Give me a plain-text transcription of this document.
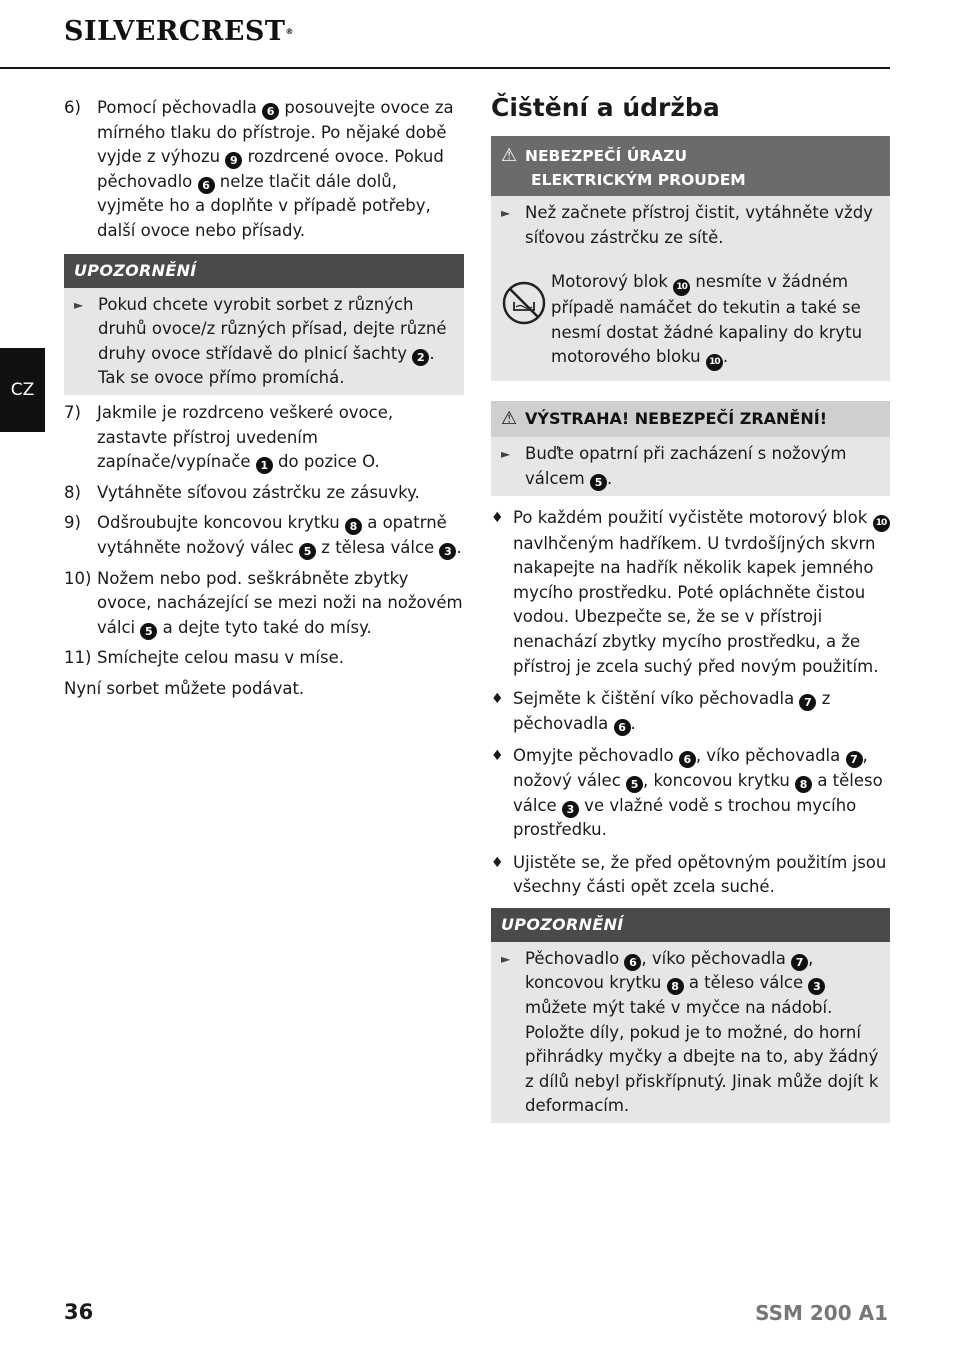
SILVERCREST®
CZ
6) Pomocí pěchovadla 6 posouvejte ovoce za mírného tlaku do přístroje. Po nějaké době vyjde z výhozu 9 rozdrcené ovoce. Pokud pěchovadlo 6 nelze tlačit dále dolů, vyjměte ho a doplňte v případě potřeby, další ovoce nebo přísady.
UPOZORNĚNÍ
► Pokud chcete vyrobit sorbet z různých druhů ovoce/z různých přísad, dejte různé druhy ovoce střídavě do plnicí šachty 2 . Tak se ovoce přímo promíchá.
7) Jakmile je rozdrceno veškeré ovoce, zastavte přístroj uvedením zapínače/vypínače 1 do pozice O.
8) Vytáhněte síťovou zástrčku ze zásuvky.
9) Odšroubujte koncovou krytku 8 a opatrně vytáhněte nožový válec 5 z tělesa válce 3 .
10) Nožem nebo pod. seškrábněte zbytky ovoce, nacházející se mezi noži na nožovém válci 5 a dejte tyto také do mísy.
11) Smíchejte celou masu v míse.
Nyní sorbet můžete podávat.
Čištění a údržba
⚠ NEBEZPEČÍ ÚRAZU
ELEKTRICKÝM PROUDEM
► Než začnete přístroj čistit, vytáhněte vždy síťovou zástrčku ze sítě.
Motorový blok 10 nesmíte v žádném případě namáčet do tekutin a také se nesmí dostat žádné kapaliny do krytu motorového bloku 10 .
⚠ VÝSTRAHA! NEBEZPEČÍ ZRANĚNÍ!
► Buďte opatrní při zacházení s nožovým válcem 5 .
♦ Po každém použití vyčistěte motorový blok 10 navlhčeným hadříkem. U tvrdošíjných skvrn nakapejte na hadřík několik kapek jemného mycího prostředku. Poté opláchněte čistou vodou. Ubezpečte se, že se v přístroji nenachází zbytky mycího prostředku, a že přístroj je zcela suchý před novým použitím.
♦ Sejměte k čištění víko pěchovadla 7 z pěchovadla 6 .
♦ Omyjte pěchovadlo 6 , víko pěchovadla 7 , nožový válec 5 , koncovou krytku 8 a těleso válce 3 ve vlažné vodě s trochou mycího prostředku.
♦ Ujistěte se, že před opětovným použitím jsou všechny části opět zcela suché.
UPOZORNĚNÍ
► Pěchovadlo 6 , víko pěchovadla 7 , koncovou krytku 8 a těleso válce 3 můžete mýt také v myčce na nádobí.
Položte díly, pokud je to možné, do horní přihrádky myčky a dbejte na to, aby žádný z dílů nebyl přiskřípnutý. Jinak může dojít k deformacím.
36	SSM 200 A1
